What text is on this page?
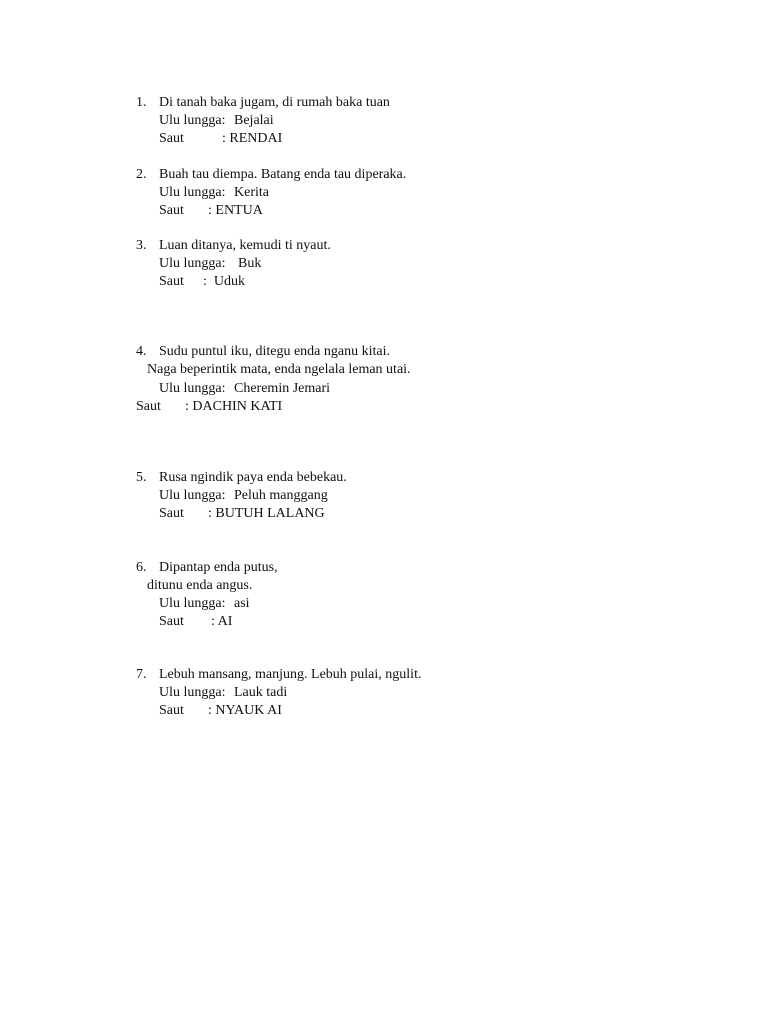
1. Di tanah baka jugam, di rumah baka tuan
Ulu lungga: Bejalai
Saut	: RENDAI
2. Buah tau diempa. Batang enda tau diperaka.
Ulu lungga: Kerita
Saut : ENTUA
3. Luan ditanya, kemudi ti nyaut.
Ulu lungga: Buk
Saut :  Uduk
4. Sudu puntul iku, ditegu enda nganu kitai.
Naga beperintik mata, enda ngelala leman utai.
Ulu lungga: Cheremin Jemari
Saut : DACHIN KATI
5. Rusa ngindik paya enda bebekau.
Ulu lungga: Peluh manggang
Saut : BUTUH LALANG
6. Dipantap enda putus,
ditunu enda angus.
Ulu lungga: asi
Saut : AI
7. Lebuh mansang, manjung. Lebuh pulai, ngulit.
Ulu lungga: Lauk tadi
Saut : NYAUK AI
